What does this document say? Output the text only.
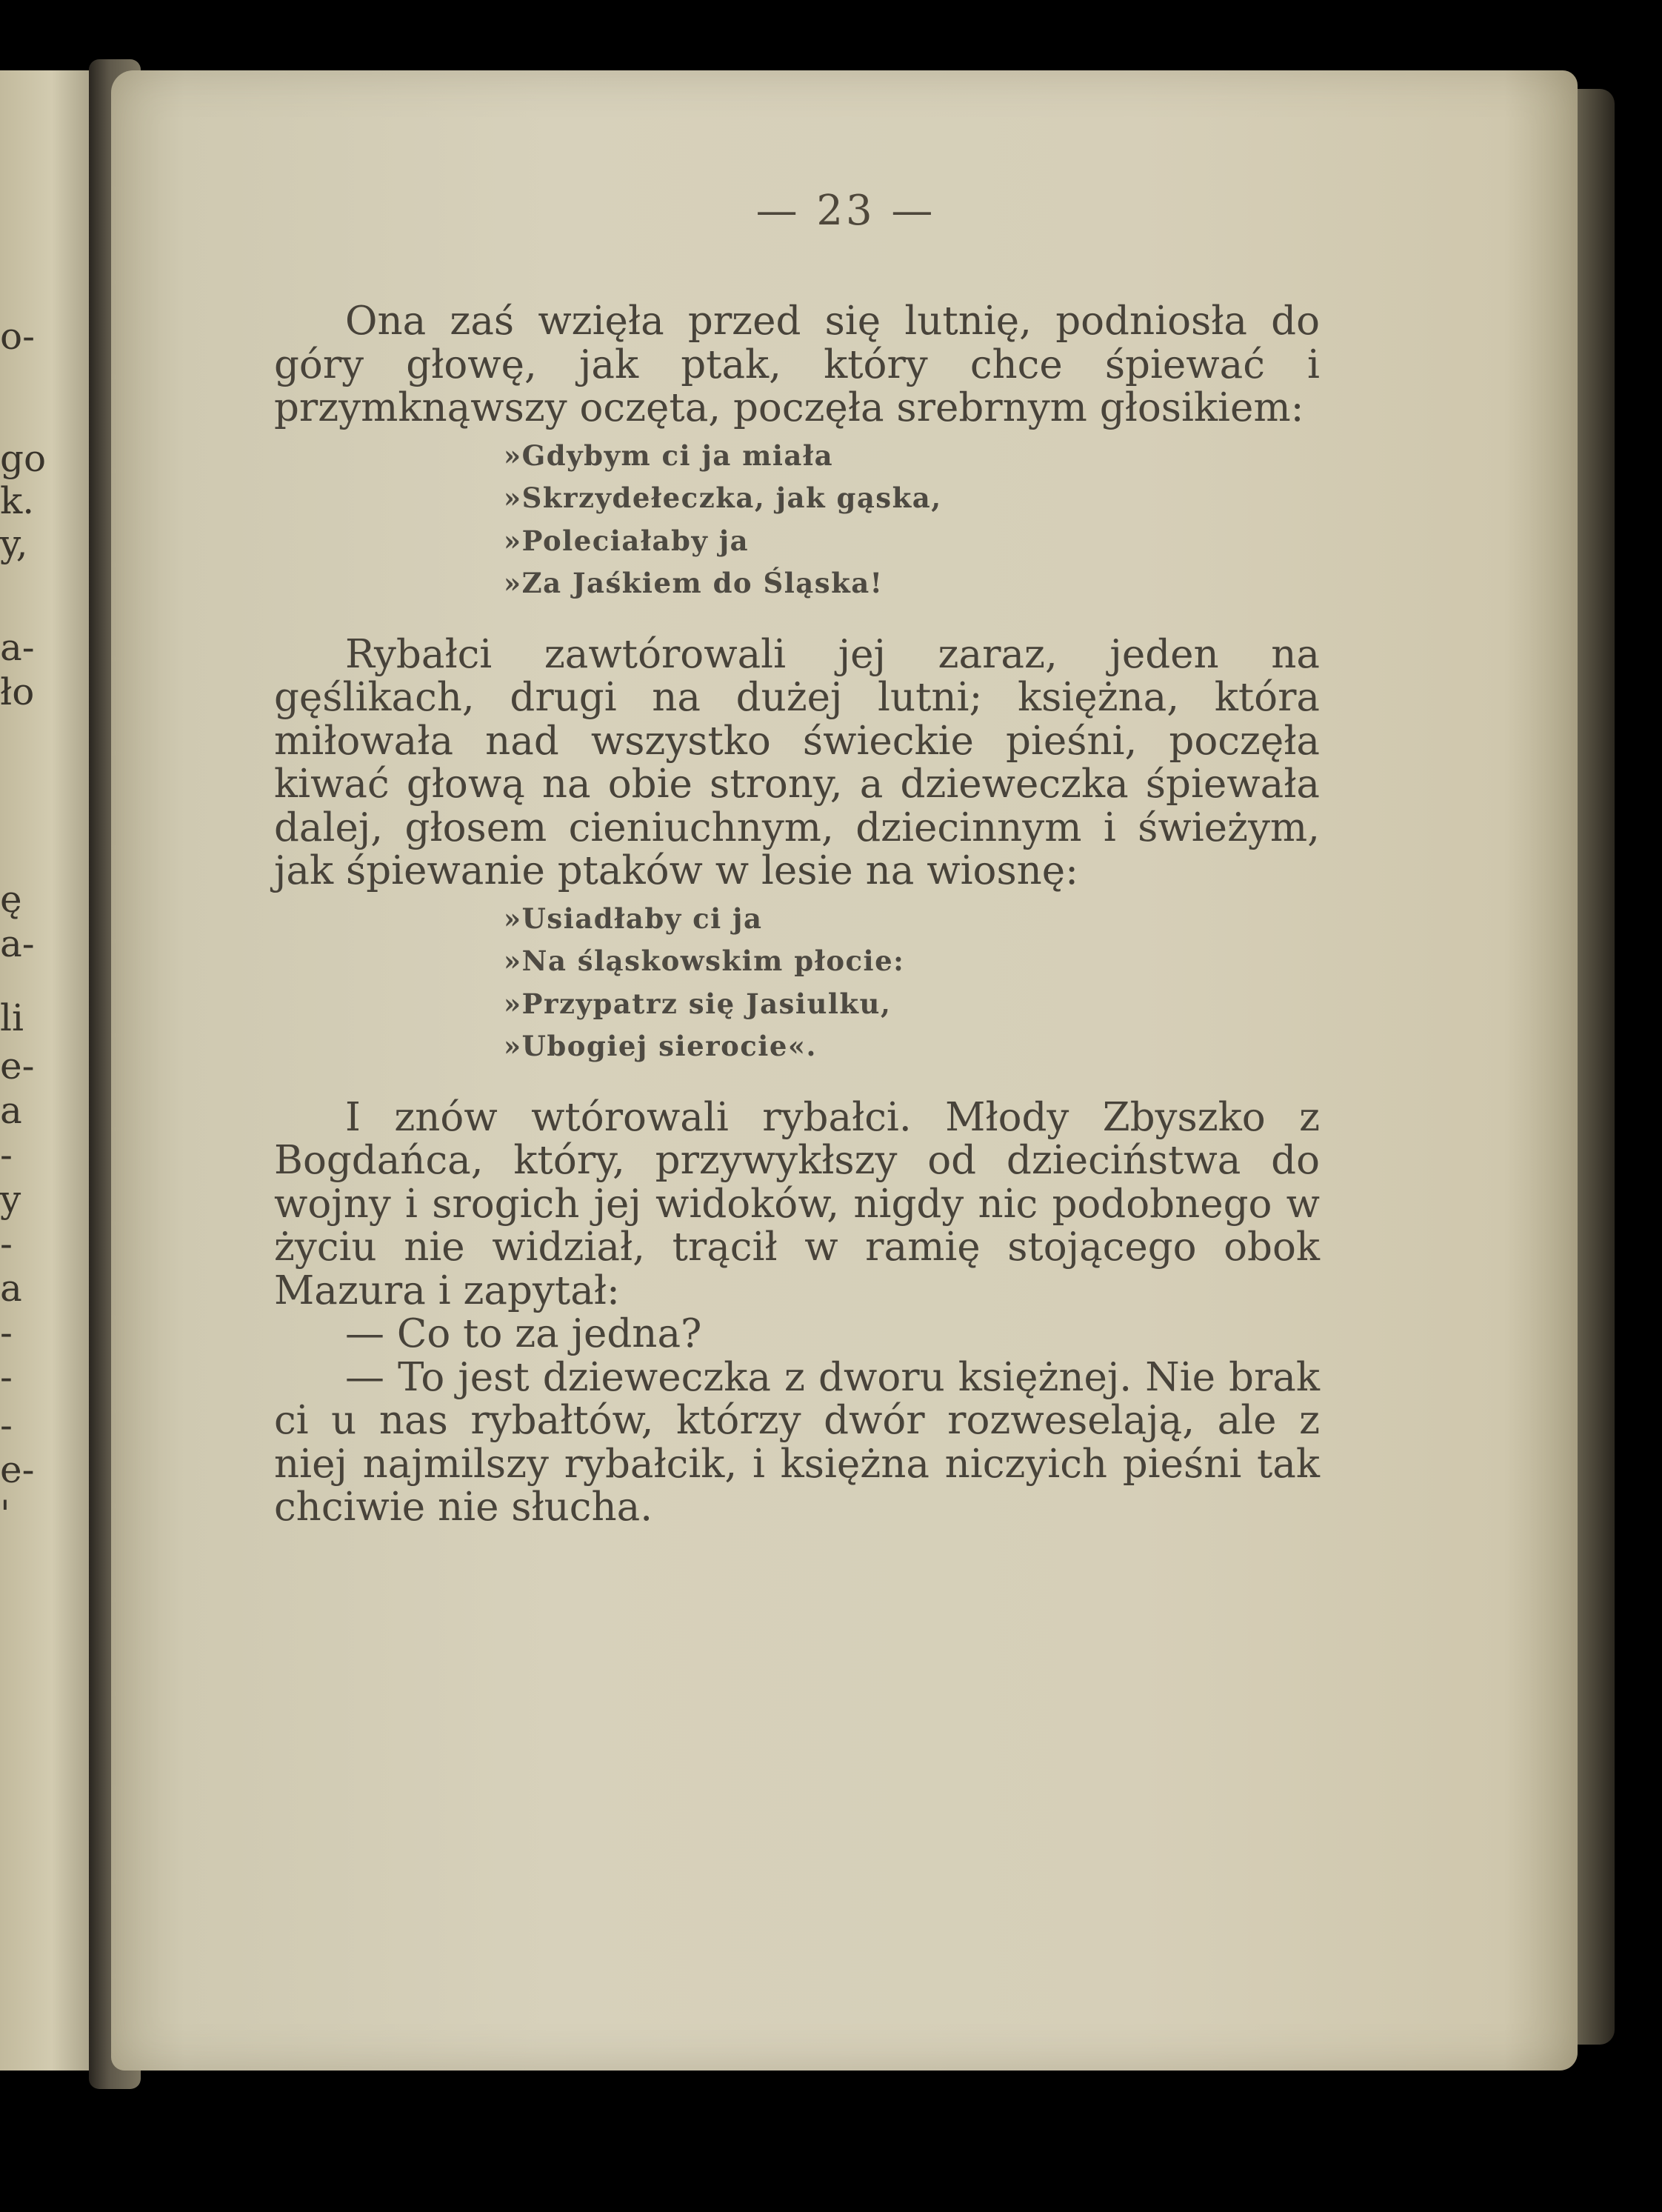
o-
go
k.
y,
a-
ło
ę
a-
li
e-
a
-
y
-
a
-
-
-
e-
'
— 23 —

Ona zaś wzięła przed się lutnię, podniosła do góry głowę, jak ptak, który chce śpiewać i przymknąwszy oczęta, poczęła srebrnym głosikiem:

»Gdybym ci ja miała
»Skrzydełeczka, jak gąska,
»Poleciałaby ja
»Za Jaśkiem do Śląska!

Rybałci zawtórowali jej zaraz, jeden na gęślikach, drugi na dużej lutni; księżna, która miłowała nad wszystko świeckie pieśni, poczęła kiwać głową na obie strony, a dzieweczka śpiewała dalej, głosem cieniuchnym, dziecinnym i świeżym, jak śpiewanie ptaków w lesie na wiosnę:

»Usiadłaby ci ja
»Na śląskowskim płocie:
»Przypatrz się Jasiulku,
»Ubogiej sierocie«.

I znów wtórowali rybałci. Młody Zbyszko z Bogdańca, który, przywykłszy od dzieciństwa do wojny i srogich jej widoków, nigdy nic podobnego w życiu nie widział, trącił w ramię stojącego obok Mazura i zapytał:

— Co to za jedna?

— To jest dzieweczka z dworu księżnej. Nie brak ci u nas rybałtów, którzy dwór rozweselają, ale z niej najmilszy rybałcik, i księżna niczyich pieśni tak chciwie nie słucha.
